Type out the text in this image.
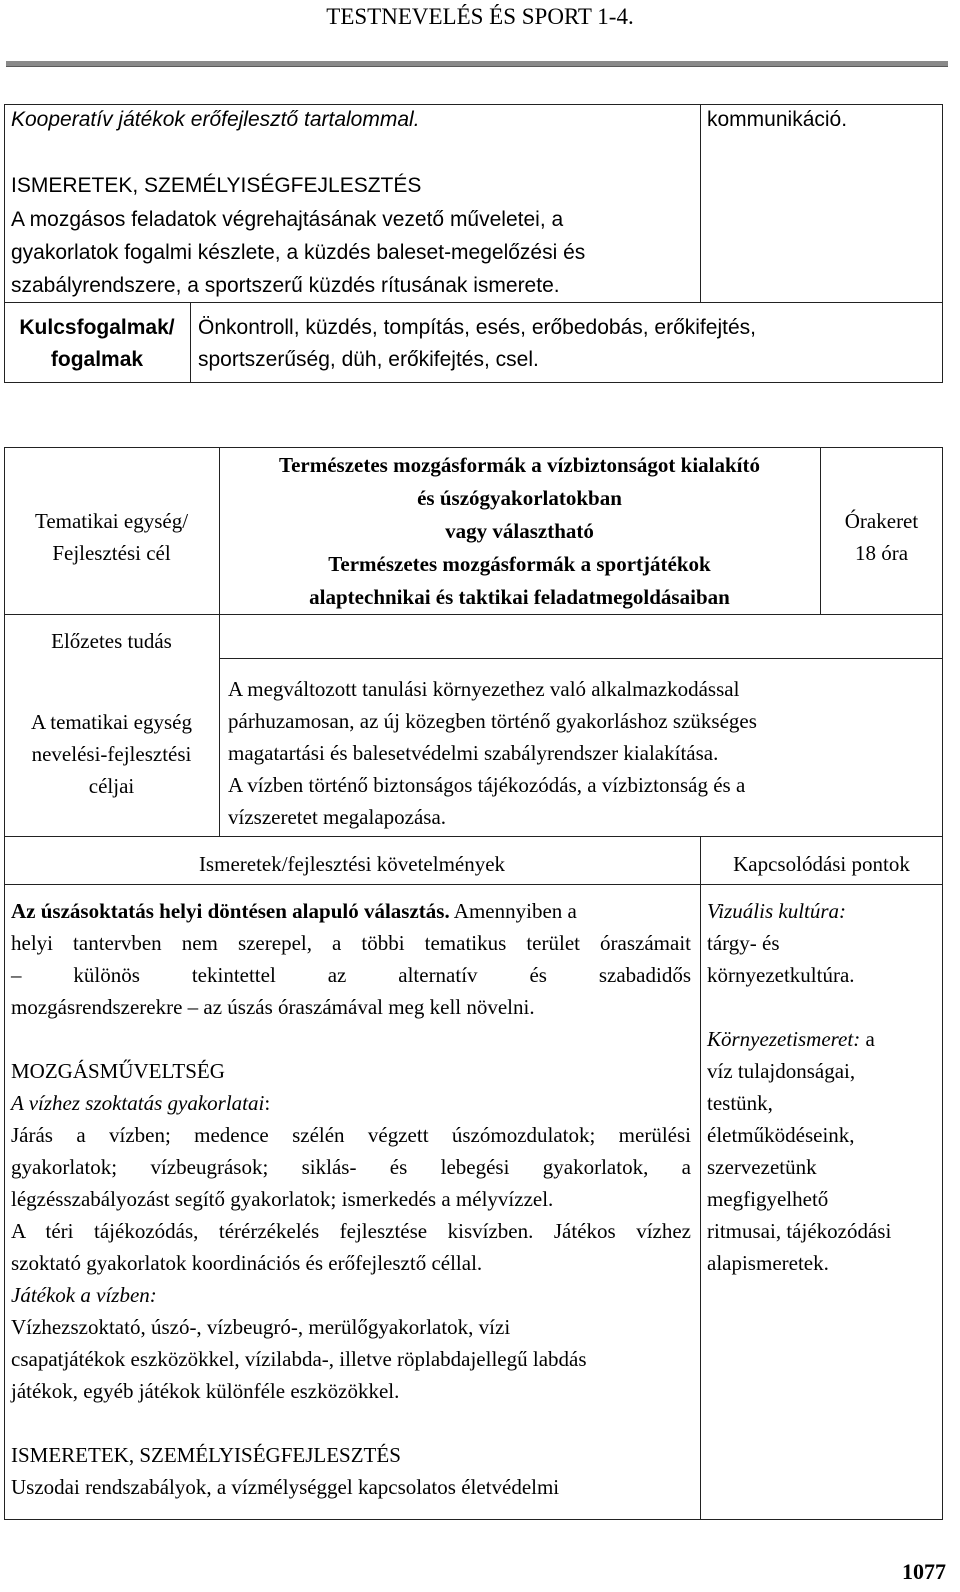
TESTNEVELÉS ÉS SPORT 1-4.
Kooperatív játékok erőfejlesztő tartalommal.	kommunikáció.
ISMERETEK, SZEMÉLYISÉGFEJLESZTÉS
A mozgásos feladatok végrehajtásának vezető műveletei, a
gyakorlatok fogalmi készlete, a küzdés baleset-megelőzési és
szabályrendszere, a sportszerű küzdés rítusának ismerete.

Kulcsfogalmak/

fogalmak

Önkontroll, küzdés, tompítás, esés, erőbedobás, erőkifejtés,

sportszerűség, düh, erőkifejtés, csel.

Tematikai egység/

Fejlesztési cél

Természetes mozgásformák a vízbiztonságot kialakító

és úszógyakorlatokban

vagy választható

Természetes mozgásformák a sportjátékok

alaptechnikai és taktikai feladatmegoldásaiban

Órakeret

18 óra

Előzetes tudás

A tematikai egység

nevelési-fejlesztési

céljai

A megváltozott tanulási környezethez való alkalmazkodással

párhuzamosan, az új közegben történő gyakorláshoz szükséges

magatartási és balesetvédelmi szabályrendszer kialakítása.

A vízben történő biztonságos tájékozódás, a vízbiztonság és a

vízszeretet megalapozása.

Ismeretek/fejlesztési követelmények	Kapcsolódási pontok

Az úszásoktatás helyi döntésen alapuló választás. Amennyiben a

helyi tantervben nem szerepel, a többi tematikus terület óraszámait

– különös tekintettel az alternatív és szabadidős

mozgásrendszerekre – az úszás óraszámával meg kell növelni.

MOZGÁSMŰVELTSÉG

A vízhez szoktatás gyakorlatai:

Járás a vízben; medence szélén végzett úszómozdulatok; merülési

gyakorlatok; vízbeugrások; siklás- és lebegési gyakorlatok, a

légzésszabályozást segítő gyakorlatok; ismerkedés a mélyvízzel.

A téri tájékozódás, térérzékelés fejlesztése kisvízben. Játékos vízhez

szoktató gyakorlatok koordinációs és erőfejlesztő céllal.

Játékok a vízben:

Vízhezszoktató, úszó-, vízbeugró-, merülőgyakorlatok, vízi

csapatjátékok eszközökkel, vízilabda-, illetve röplabdajellegű labdás

játékok, egyéb játékok különféle eszközökkel.

ISMERETEK, SZEMÉLYISÉGFEJLESZTÉS

Uszodai rendszabályok, a vízmélységgel kapcsolatos életvédelmi

Vizuális kultúra:

tárgy- és

környezetkultúra.

Környezetismeret: a

víz tulajdonságai,

testünk,

életműködéseink,

szervezetünk

megfigyelhető

ritmusai, tájékozódási

alapismeretek.

1077
